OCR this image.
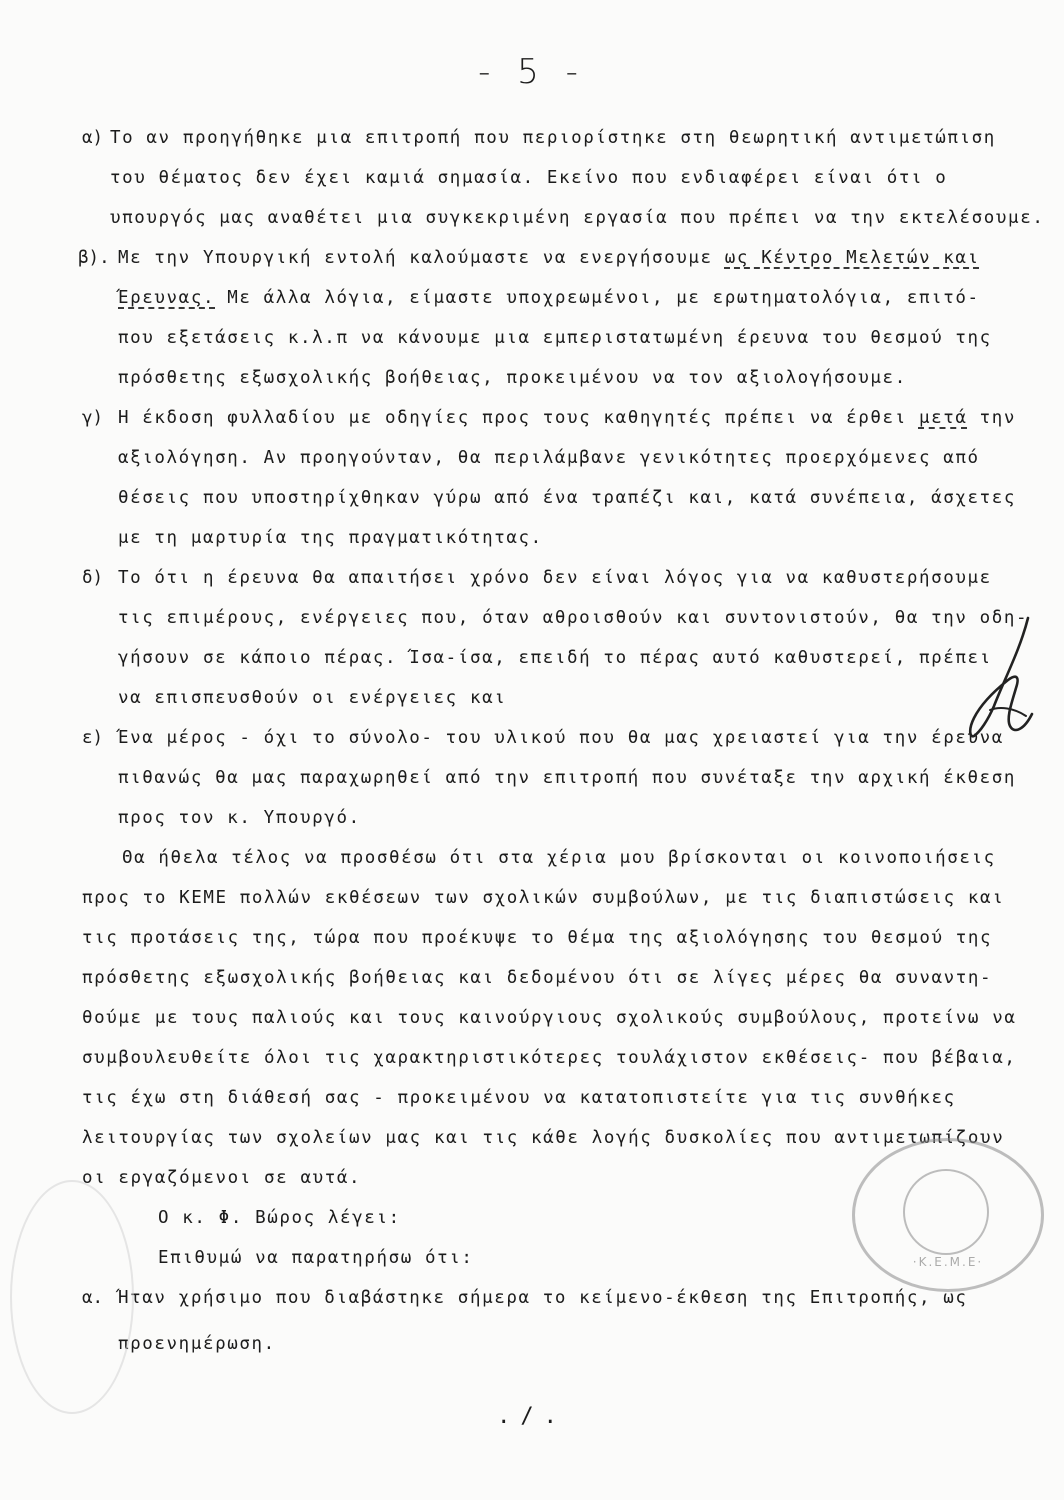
- 5 -
α) Το αν προηγήθηκε μια επιτροπή που περιορίστηκε στη θεωρητική αντιμετώπιση
του θέματος δεν έχει καμιά σημασία. Εκείνο που ενδιαφέρει είναι ότι ο
υπουργός μας αναθέτει μια συγκεκριμένη εργασία που πρέπει να την εκτελέσουμε.
β). Με την Υπουργική εντολή καλούμαστε να ενεργήσουμε ως Κέντρο Μελετών και
Έρευνας. Με άλλα λόγια, είμαστε υποχρεωμένοι, με ερωτηματολόγια, επιτό-
που εξετάσεις κ.λ.π να κάνουμε μια εμπεριστατωμένη έρευνα του θεσμού της
πρόσθετης εξωσχολικής βοήθειας, προκειμένου να τον αξιολογήσουμε.
γ) Η έκδοση φυλλαδίου με οδηγίες προς τους καθηγητές πρέπει να έρθει μετά την
αξιολόγηση. Αν προηγούνταν, θα περιλάμβανε γενικότητες προερχόμενες από
θέσεις που υποστηρίχθηκαν γύρω από ένα τραπέζι και, κατά συνέπεια, άσχετες
με τη μαρτυρία της πραγματικότητας.
δ) Το ότι η έρευνα θα απαιτήσει χρόνο δεν είναι λόγος για να καθυστερήσουμε
τις επιμέρους, ενέργειες που, όταν αθροισθούν και συντονιστούν, θα την οδη-
γήσουν σε κάποιο πέρας. Ίσα-ίσα, επειδή το πέρας αυτό καθυστερεί, πρέπει
να επισπευσθούν οι ενέργειες και
ε) Ένα μέρος - όχι το σύνολο- του υλικού που θα μας χρειαστεί για την έρευνα
πιθανώς θα μας παραχωρηθεί από την επιτροπή που συνέταξε την αρχική έκθεση
προς τον κ. Υπουργό.
Θα ήθελα τέλος να προσθέσω ότι στα χέρια μου βρίσκονται οι κοινοποιήσεις
προς το ΚΕΜΕ πολλών εκθέσεων των σχολικών συμβούλων, με τις διαπιστώσεις και
τις προτάσεις της, τώρα που προέκυψε το θέμα της αξιολόγησης του θεσμού της
πρόσθετης εξωσχολικής βοήθειας και δεδομένου ότι σε λίγες μέρες θα συναντη-
θούμε με τους παλιούς και τους καινούργιους σχολικούς συμβούλους, προτείνω να
συμβουλευθείτε όλοι τις χαρακτηριστικότερες τουλάχιστον εκθέσεις- που βέβαια,
τις έχω στη διάθεσή σας - προκειμένου να κατατοπιστείτε για τις συνθήκες
λειτουργίας των σχολείων μας και τις κάθε λογής δυσκολίες που αντιμετωπίζουν
οι εργαζόμενοι σε αυτά.
Ο κ. Φ. Βώρος λέγει:
Επιθυμώ να παρατηρήσω ότι:
α. Ήταν χρήσιμο που διαβάστηκε σήμερα το κείμενο-έκθεση της Επιτροπής, ως
προενημέρωση.
./.
·Κ.Ε.Μ.Ε·
